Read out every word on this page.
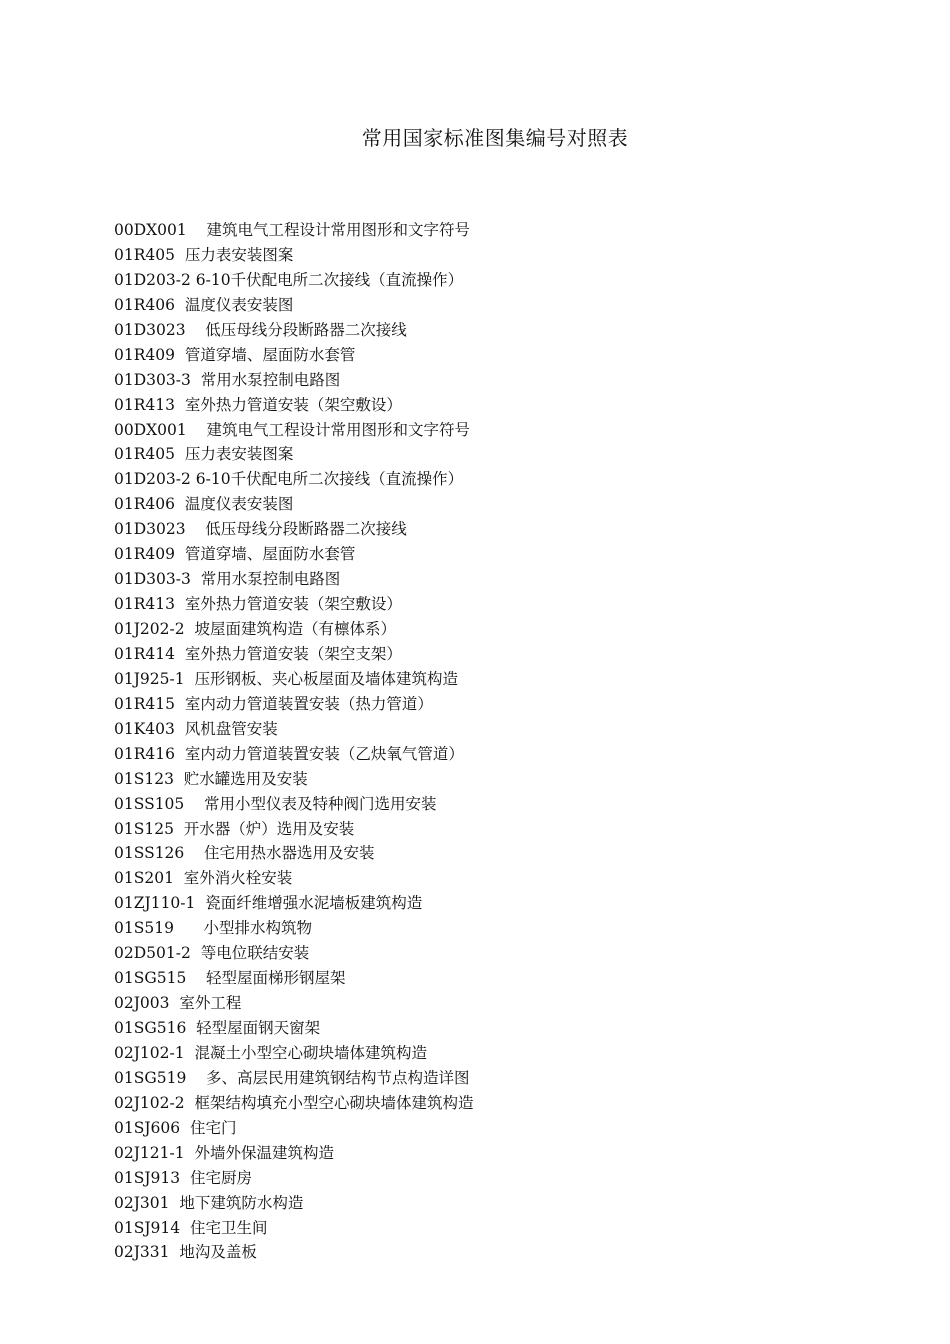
常用国家标准图集编号对照表
00DX001    建筑电气工程设计常用图形和文字符号
01R405  压力表安装图案
01D203-2 6-10千伏配电所二次接线（直流操作）
01R406  温度仪表安装图
01D3023    低压母线分段断路器二次接线
01R409  管道穿墙、屋面防水套管
01D303-3  常用水泵控制电路图
01R413  室外热力管道安装（架空敷设）
00DX001    建筑电气工程设计常用图形和文字符号
01R405  压力表安装图案
01D203-2 6-10千伏配电所二次接线（直流操作）
01R406  温度仪表安装图
01D3023    低压母线分段断路器二次接线
01R409  管道穿墙、屋面防水套管
01D303-3  常用水泵控制电路图
01R413  室外热力管道安装（架空敷设）
01J202-2  坡屋面建筑构造（有檩体系）
01R414  室外热力管道安装（架空支架）
01J925-1  压形钢板、夹心板屋面及墙体建筑构造
01R415  室内动力管道装置安装（热力管道）
01K403  风机盘管安装
01R416  室内动力管道装置安装（乙炔氧气管道）
01S123  贮水罐选用及安装
01SS105    常用小型仪表及特种阀门选用安装
01S125  开水器（炉）选用及安装
01SS126    住宅用热水器选用及安装
01S201  室外消火栓安装
01ZJ110-1  瓷面纤维增强水泥墙板建筑构造
01S519      小型排水构筑物
02D501-2  等电位联结安装
01SG515    轻型屋面梯形钢屋架
02J003  室外工程
01SG516  轻型屋面钢天窗架
02J102-1  混凝土小型空心砌块墙体建筑构造
01SG519    多、高层民用建筑钢结构节点构造详图
02J102-2  框架结构填充小型空心砌块墙体建筑构造
01SJ606  住宅门
02J121-1  外墙外保温建筑构造
01SJ913  住宅厨房
02J301  地下建筑防水构造
01SJ914  住宅卫生间
02J331  地沟及盖板
